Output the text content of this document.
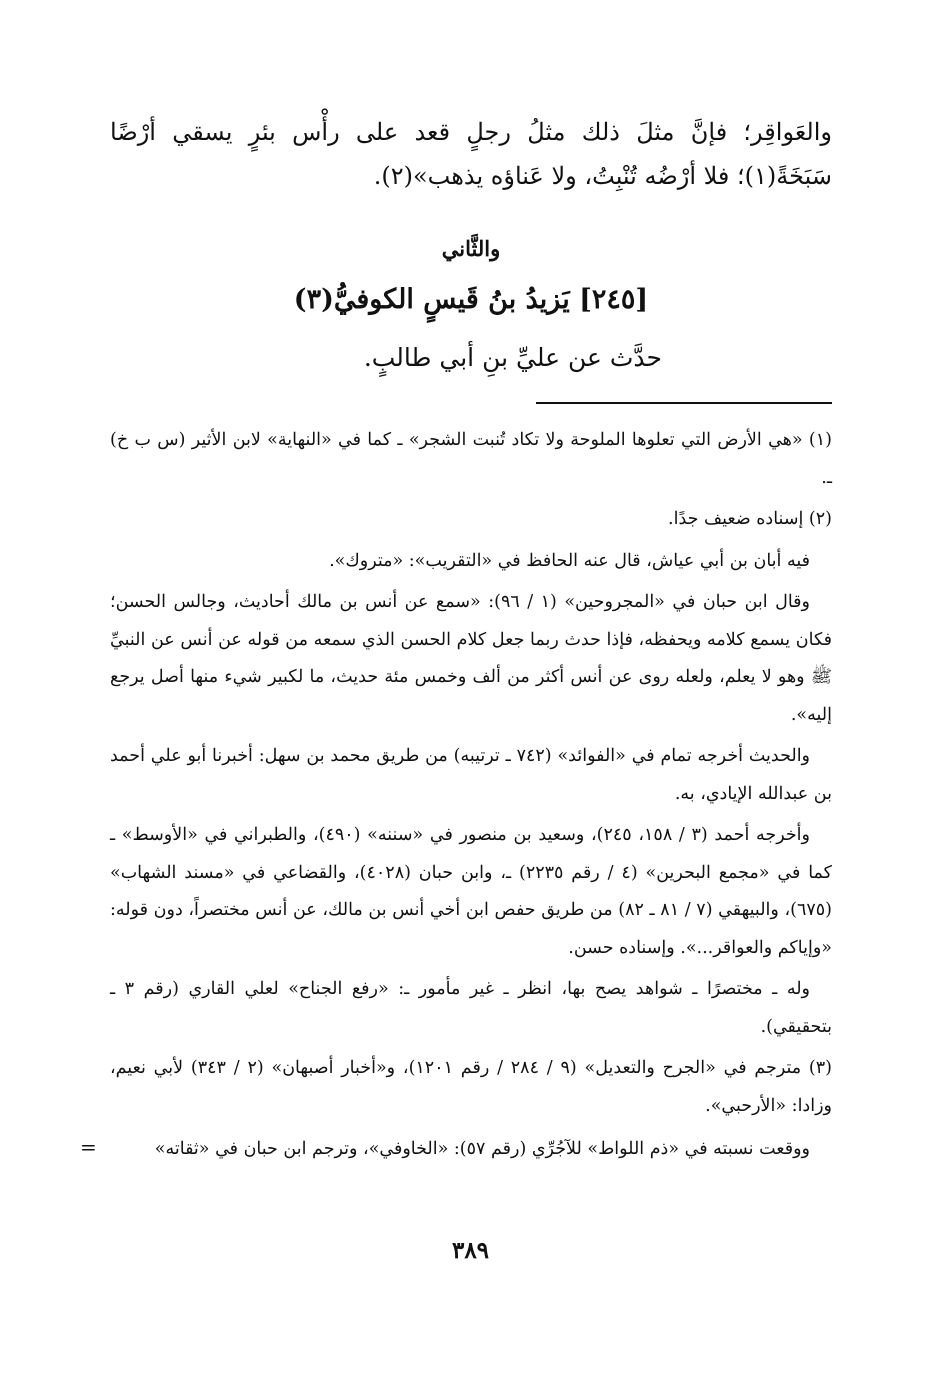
والعَواقِر؛ فإنَّ مثلَ ذلك مثلُ رجلٍ قعد على رأْس بئرٍ يسقي أرْضًا سَبَخَةً(١)؛ فلا أرْضُه تُنْبِتُ، ولا عَناؤه يذهب»(٢).

والثَّاني
[٢٤٥] يَزيدُ بنُ قَيسٍ الكوفيُّ(٣)
حدَّث عن عليِّ بنِ أبي طالبٍ.

(١) «هي الأرض التي تعلوها الملوحة ولا تكاد تُنبت الشجر» ـ كما في «النهاية» لابن الأثير (س ب خ) ـ.

(٢) إسناده ضعيف جدًا.

فيه أبان بن أبي عياش، قال عنه الحافظ في «التقريب»: «متروك».

وقال ابن حبان في «المجروحين» (١ / ٩٦): «سمع عن أنس بن مالك أحاديث، وجالس الحسن؛ فكان يسمع كلامه ويحفظه، فإذا حدث ربما جعل كلام الحسن الذي سمعه من قوله عن أنس عن النبيِّ ﷺ وهو لا يعلم، ولعله روى عن أنس أكثر من ألف وخمس مئة حديث، ما لكبير شيء منها أصل يرجع إليه».

والحديث أخرجه تمام في «الفوائد» (٧٤٢ ـ ترتيبه) من طريق محمد بن سهل: أخبرنا أبو علي أحمد بن عبدالله الإيادي، به.

وأخرجه أحمد (٣ / ١٥٨، ٢٤٥)، وسعيد بن منصور في «سننه» (٤٩٠)، والطبراني في «الأوسط» ـ كما في «مجمع البحرين» (٤ / رقم ٢٢٣٥) ـ، وابن حبان (٤٠٢٨)، والقضاعي في «مسند الشهاب» (٦٧٥)، والبيهقي (٧ / ٨١ ـ ٨٢) من طريق حفص ابن أخي أنس بن مالك، عن أنس مختصراً، دون قوله: «وإياكم والعواقر...». وإسناده حسن.

وله ـ مختصرًا ـ شواهد يصح بها، انظر ـ غير مأمور ـ: «رفع الجناح» لعلي القاري (رقم ٣ ـ بتحقيقي).

(٣) مترجم في «الجرح والتعديل» (٩ / ٢٨٤ / رقم ١٢٠١)، و«أخبار أصبهان» (٢ / ٣٤٣) لأبي نعيم، وزادا: «الأرحبي».

ووقعت نسبته في «ذم اللواط» للآجُرِّي (رقم ٥٧): «الخاوفي»، وترجم ابن حبان في «ثقاته»
=
٣٨٩
